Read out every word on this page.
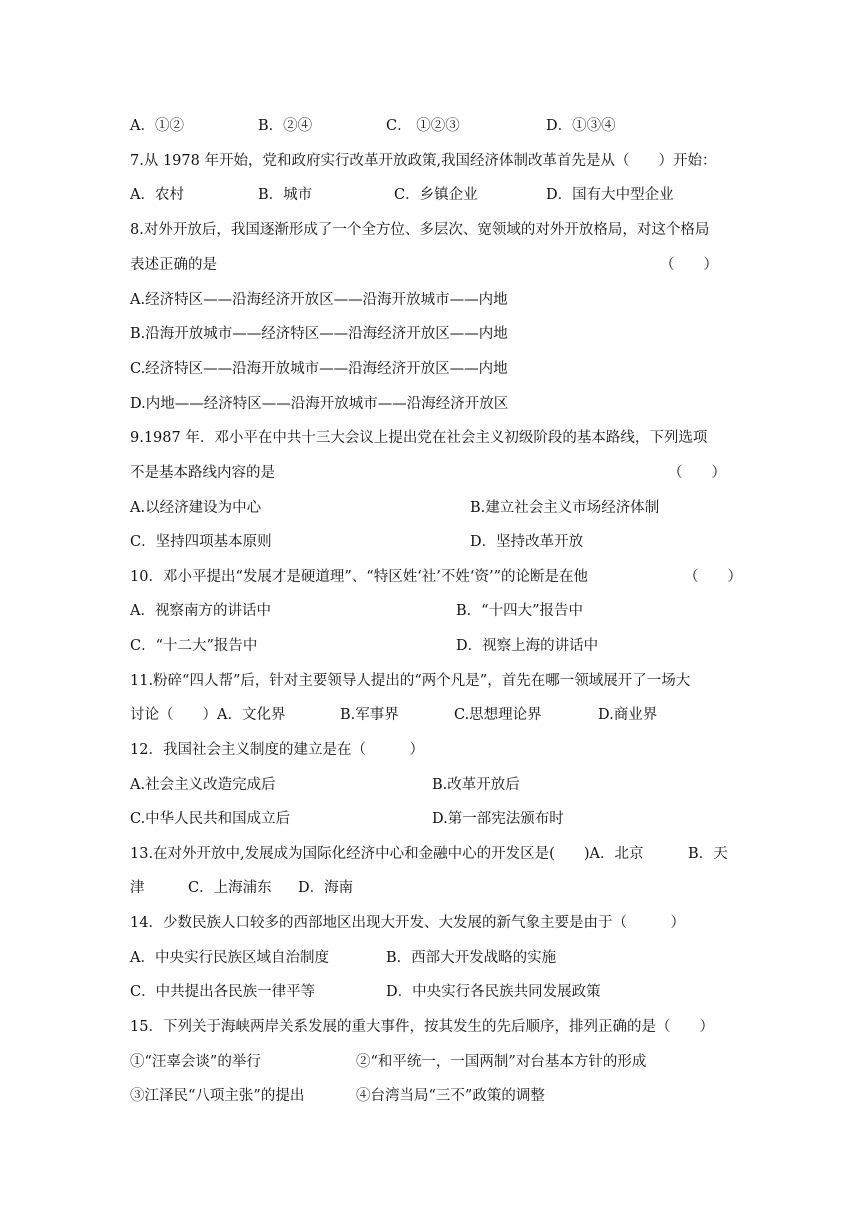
A．①②	B．②④	C． ①②③	D．①③④
7.从 1978 年开始，党和政府实行改革开放政策,我国经济体制改革首先是从（　　）开始：
A．农村	B．城市	C．乡镇企业	D．国有大中型企业
8.对外开放后，我国逐渐形成了一个全方位、多层次、宽领域的对外开放格局，对这个格局
表述正确的是	（　　）
A.经济特区——沿海经济开放区——沿海开放城市——内地
B.沿海开放城市——经济特区——沿海经济开放区——内地
C.经济特区——沿海开放城市——沿海经济开放区——内地
D.内地——经济特区——沿海开放城市——沿海经济开放区
9.1987 年．邓小平在中共十三大会议上提出党在社会主义初级阶段的基本路线，下列选项
不是基本路线内容的是	（　　）
A.以经济建设为中心	B.建立社会主义市场经济体制
C．坚持四项基本原则	D．坚持改革开放
10．邓小平提出“发展才是硬道理”、“特区姓‘社’不姓‘资’”的论断是在他	（　　）
A．视察南方的讲话中	B．“十四大”报告中
C．“十二大”报告中	D．视察上海的讲话中
11.粉碎“四人帮”后，针对主要领导人提出的“两个凡是”，首先在哪一领域展开了一场大
讨论（　　）A．文化界	B.军事界	C.思想理论界	D.商业界
12．我国社会主义制度的建立是在（　　　）
A.社会主义改造完成后	B.改革开放后
C.中华人民共和国成立后	D.第一部宪法颁布时
13.在对外开放中,发展成为国际化经济中心和金融中心的开发区是(　　)A．北京	B．天
津	C．上海浦东 D．海南
14．少数民族人口较多的西部地区出现大开发、大发展的新气象主要是由于（　　　）
A．中央实行民族区域自治制度	B．西部大开发战略的实施
C．中共提出各民族一律平等	D．中央实行各民族共同发展政策
15．下列关于海峡两岸关系发展的重大事件，按其发生的先后顺序，排列正确的是（　　）
①“汪辜会谈”的举行	②“和平统一，一国两制”对台基本方针的形成
③江泽民“八项主张”的提出	④台湾当局“三不”政策的调整
